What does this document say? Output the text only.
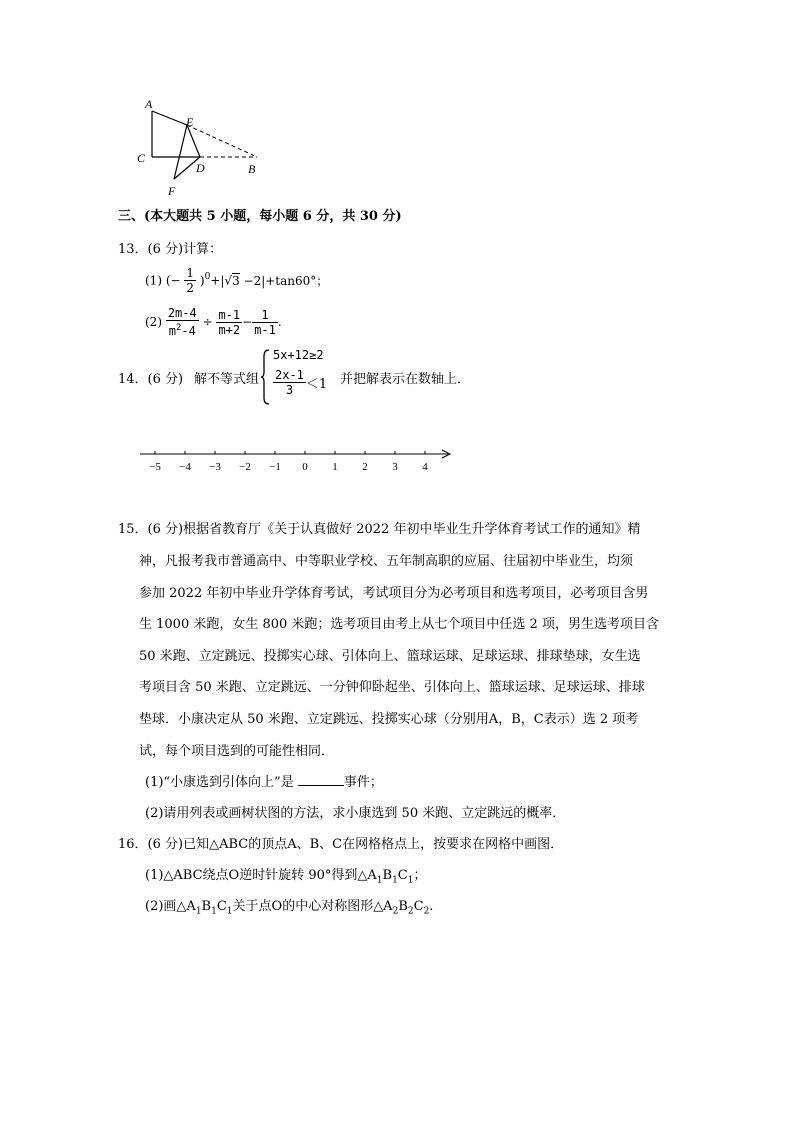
A
E
C
D	B
F
三、(本大题共 5 小题，每小题 6 分，共 30 分)
13．(6 分)计算：
(1) (− $\frac{1}{2} )^0+|√3 -2|+\tan 60^\circ$；
$(2) \frac{2m-4}{m^2-4} \div \frac{m-1}{m+2} - \frac{1}{m-1}$ .
14．(6 分) 解不等式组
5x+12≥2
$\frac{2x-1}{3} <1$ 并把解表示在数轴上．
−5 −4 −3 −2 −1 0 1 2 3 4
15．(6 分)根据省教育厅《关于认真做好 2022 年初中毕业生升学体育考试工作的通知》精
神，凡报考我市普通高中、中等职业学校、五年制高职的应届、往届初中毕业生，均须
参加 2022 年初中毕业升学体育考试，考试项目分为必考项目和选考项目，必考项目含男
生 1000 米跑，女生 800 米跑；选考项目由考上从七个项目中任选 2 项，男生选考项目含
50 米跑、立定跳远、投掷实心球、引体向上、篮球运球、足球运球、排球垫球，女生选
考项目含 50 米跑、立定跳远、一分钟仰卧起坐、引体向上、篮球运球、足球运球、排球
垫球．小康决定从 50 米跑、立定跳远、投掷实心球（分别用A，B，C表示）选 2 项考
试，每个项目选到的可能性相同．
(1)“小康选到引体向上”是	事件；
(2)请用列表或画树状图的方法，求小康选到 50 米跑、立定跳远的概率．
16．(6 分)已知△ABC的顶点A、B、C在网格格点上，按要求在网格中画图．
(1)△ABC绕点O逆时针旋转 90°得到$\triangle A_1B_1C_1$；
(2)画$\triangle A_1B_1C_1$关于点O的中心对称图形$\triangle A_2B_2C_2$.
